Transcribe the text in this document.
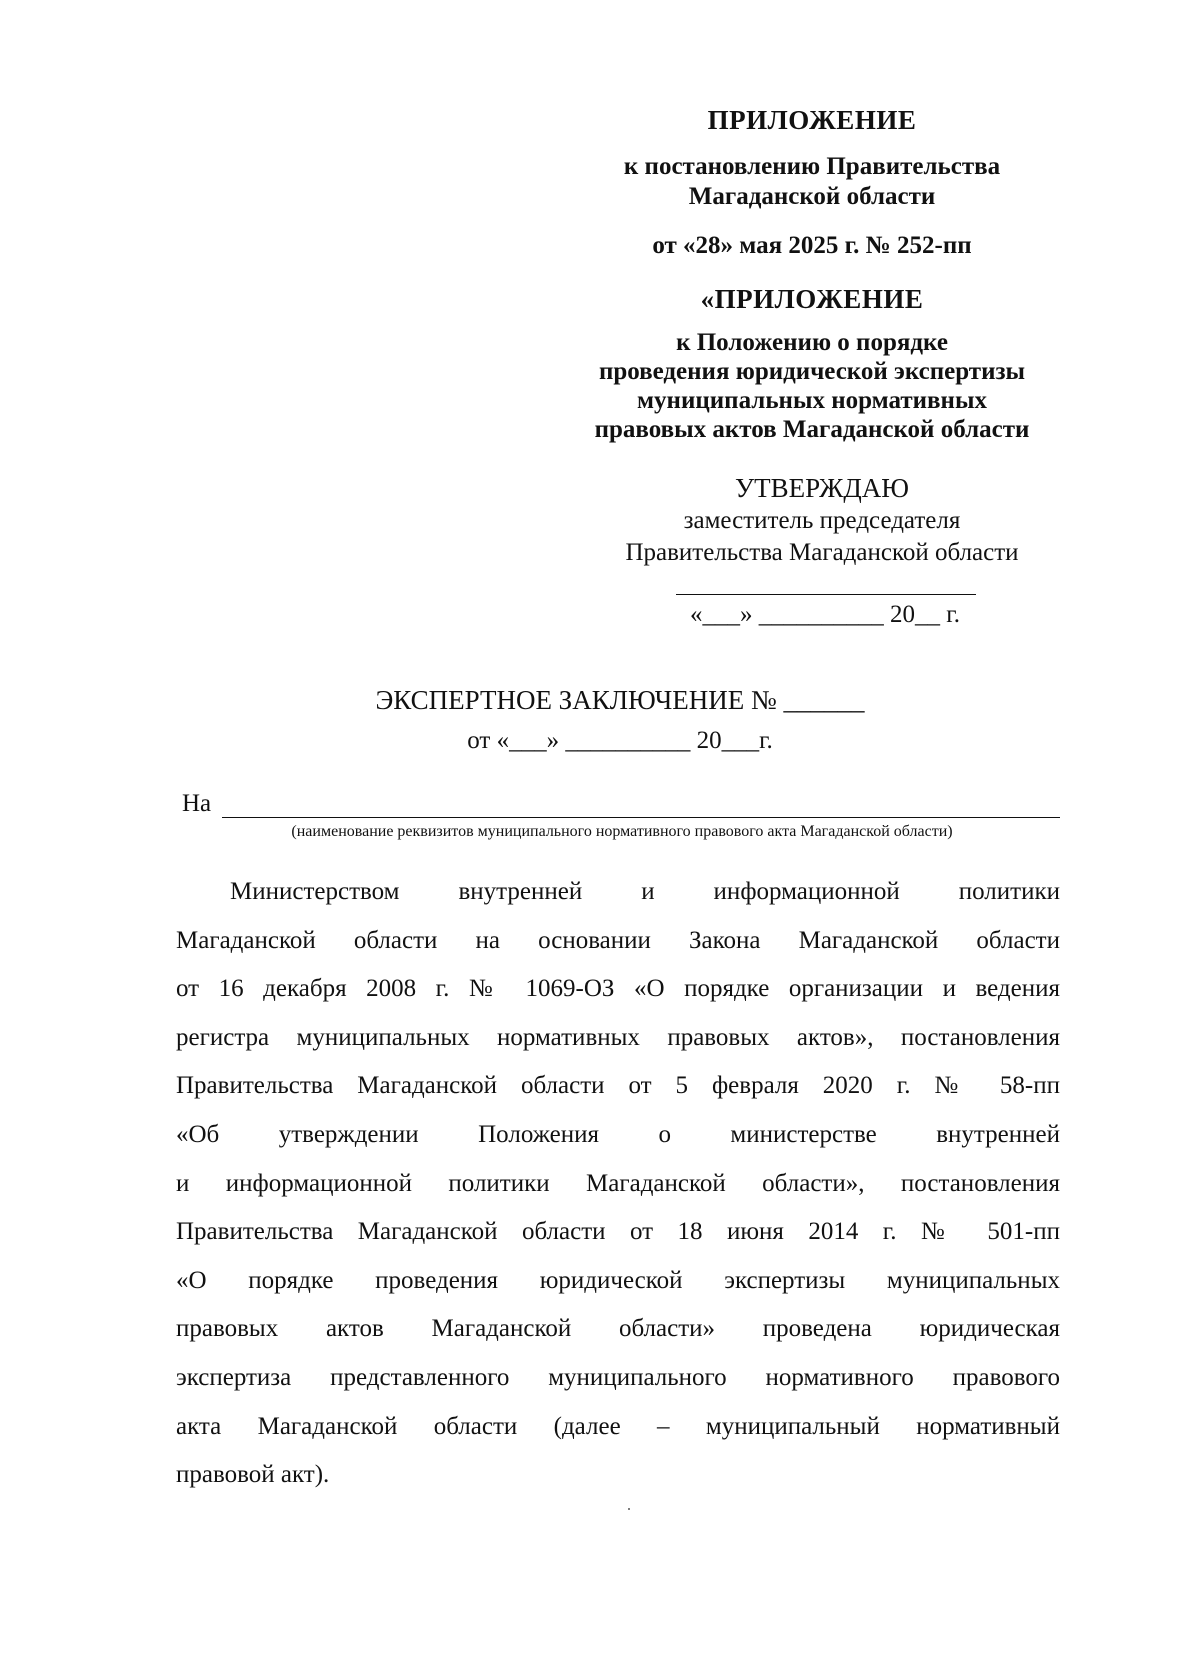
ПРИЛОЖЕНИЕ
к постановлению Правительства
Магаданской области
от «28» мая 2025 г. № 252-пп
«ПРИЛОЖЕНИЕ
к Положению о порядке
проведения юридической экспертизы
муниципальных нормативных
правовых актов Магаданской области
УТВЕРЖДАЮ
заместитель председателя
Правительства Магаданской области
«___» __________ 20__ г.
ЭКСПЕРТНОЕ ЗАКЛЮЧЕНИЕ № ______
от «___» __________ 20___г.
На
(наименование реквизитов муниципального нормативного правового акта Магаданской области)
Министерством внутренней и информационной политики
Магаданской области на основании Закона Магаданской области
от 16 декабря 2008 г. № 1069-ОЗ «О порядке организации и ведения
регистра муниципальных нормативных правовых актов», постановления
Правительства Магаданской области от 5 февраля 2020 г. № 58-пп
«Об утверждении Положения о министерстве внутренней
и информационной политики Магаданской области», постановления
Правительства Магаданской области от 18 июня 2014 г. № 501-пп
«О порядке проведения юридической экспертизы муниципальных
правовых актов Магаданской области» проведена юридическая
экспертиза представленного муниципального нормативного правового
акта Магаданской области (далее – муниципальный нормативный
правовой акт).
